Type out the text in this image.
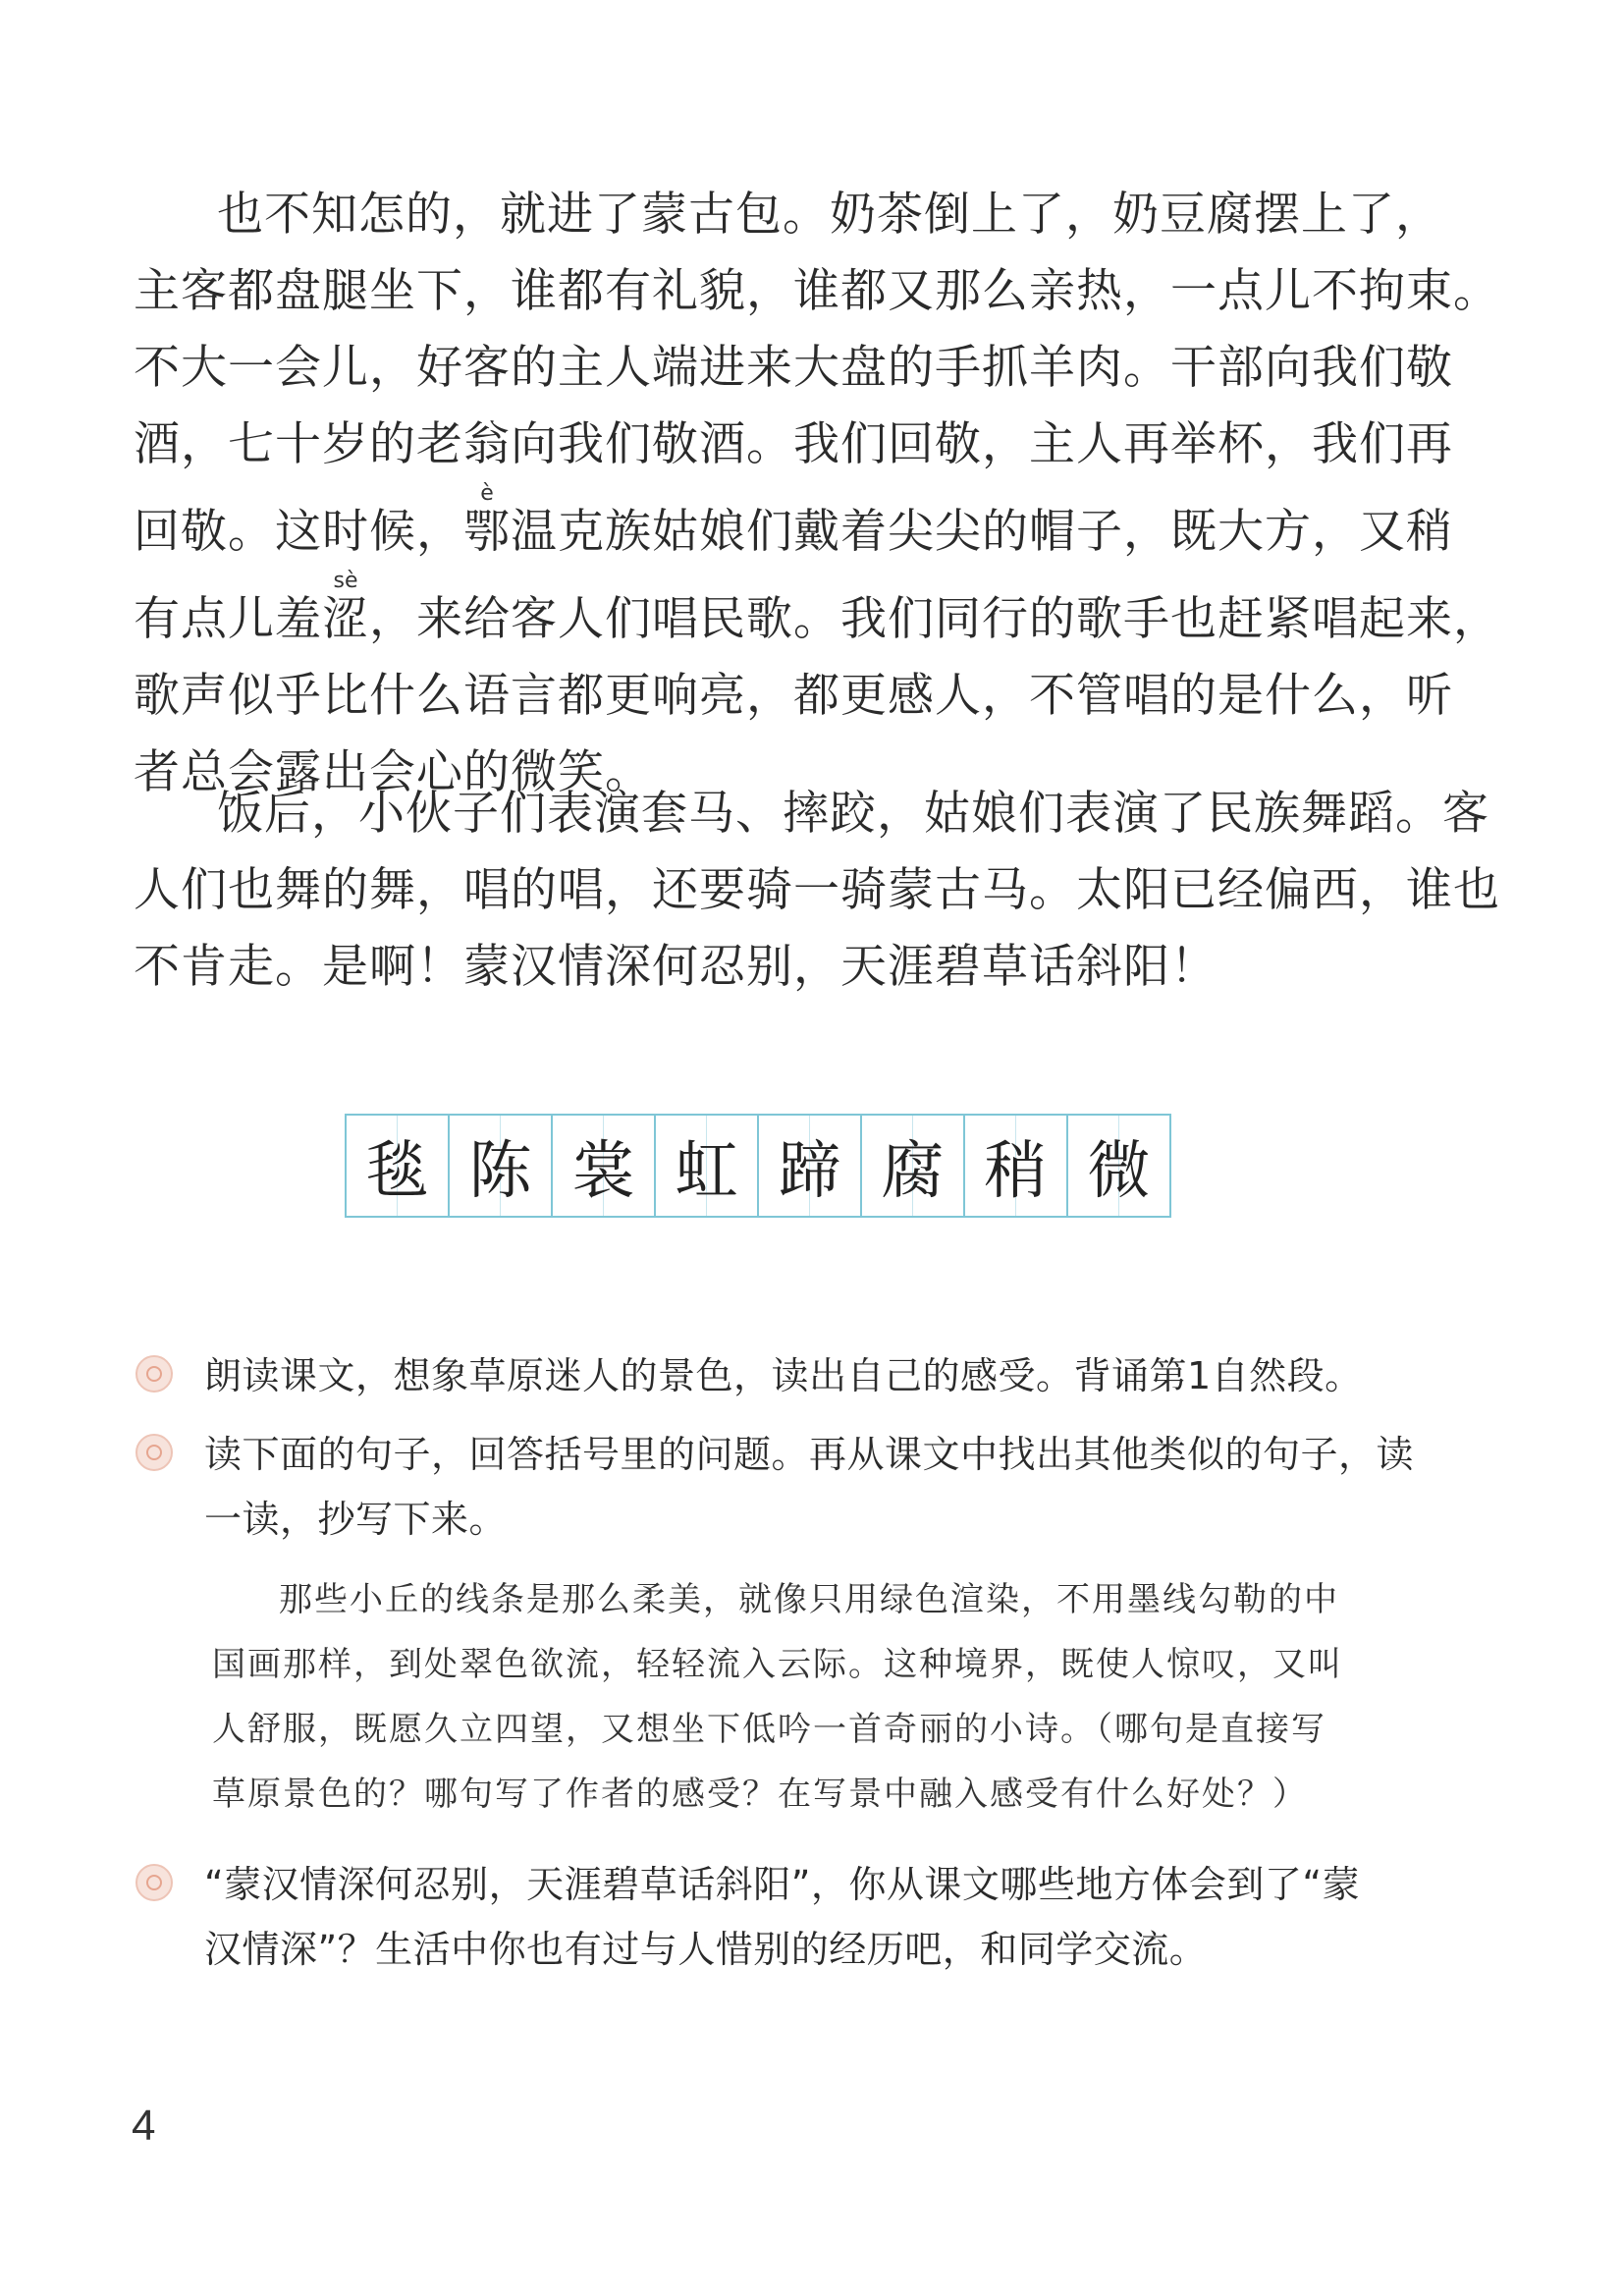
也不知怎的，就进了蒙古包。奶茶倒上了，奶豆腐摆上了，
主客都盘腿坐下，谁都有礼貌，谁都又那么亲热，一点儿不拘束。
不大一会儿，好客的主人端进来大盘的手抓羊肉。干部向我们敬
酒，七十岁的老翁向我们敬酒。我们回敬，主人再举杯，我们再
回敬。这时候，鄂è温克族姑娘们戴着尖尖的帽子，既大方，又稍
有点儿羞涩sè，来给客人们唱民歌。我们同行的歌手也赶紧唱起来，
歌声似乎比什么语言都更响亮，都更感人，不管唱的是什么，听
者总会露出会心的微笑。
饭后，小伙子们表演套马、摔跤，姑娘们表演了民族舞蹈。客
人们也舞的舞，唱的唱，还要骑一骑蒙古马。太阳已经偏西，谁也
不肯走。是啊！蒙汉情深何忍别，天涯碧草话斜阳！
毯 陈 裳 虹 蹄 腐 稍 微
朗读课文，想象草原迷人的景色，读出自己的感受。背诵第1自然段。
读下面的句子，回答括号里的问题。再从课文中找出其他类似的句子，读
一读，抄写下来。
那些小丘的线条是那么柔美，就像只用绿色渲染，不用墨线勾勒的中
国画那样，到处翠色欲流，轻轻流入云际。这种境界，既使人惊叹，又叫
人舒服，既愿久立四望，又想坐下低吟一首奇丽的小诗。（哪句是直接写
草原景色的？哪句写了作者的感受？在写景中融入感受有什么好处？）
“蒙汉情深何忍别，天涯碧草话斜阳”，你从课文哪些地方体会到了“蒙
汉情深”？生活中你也有过与人惜别的经历吧，和同学交流。
4
